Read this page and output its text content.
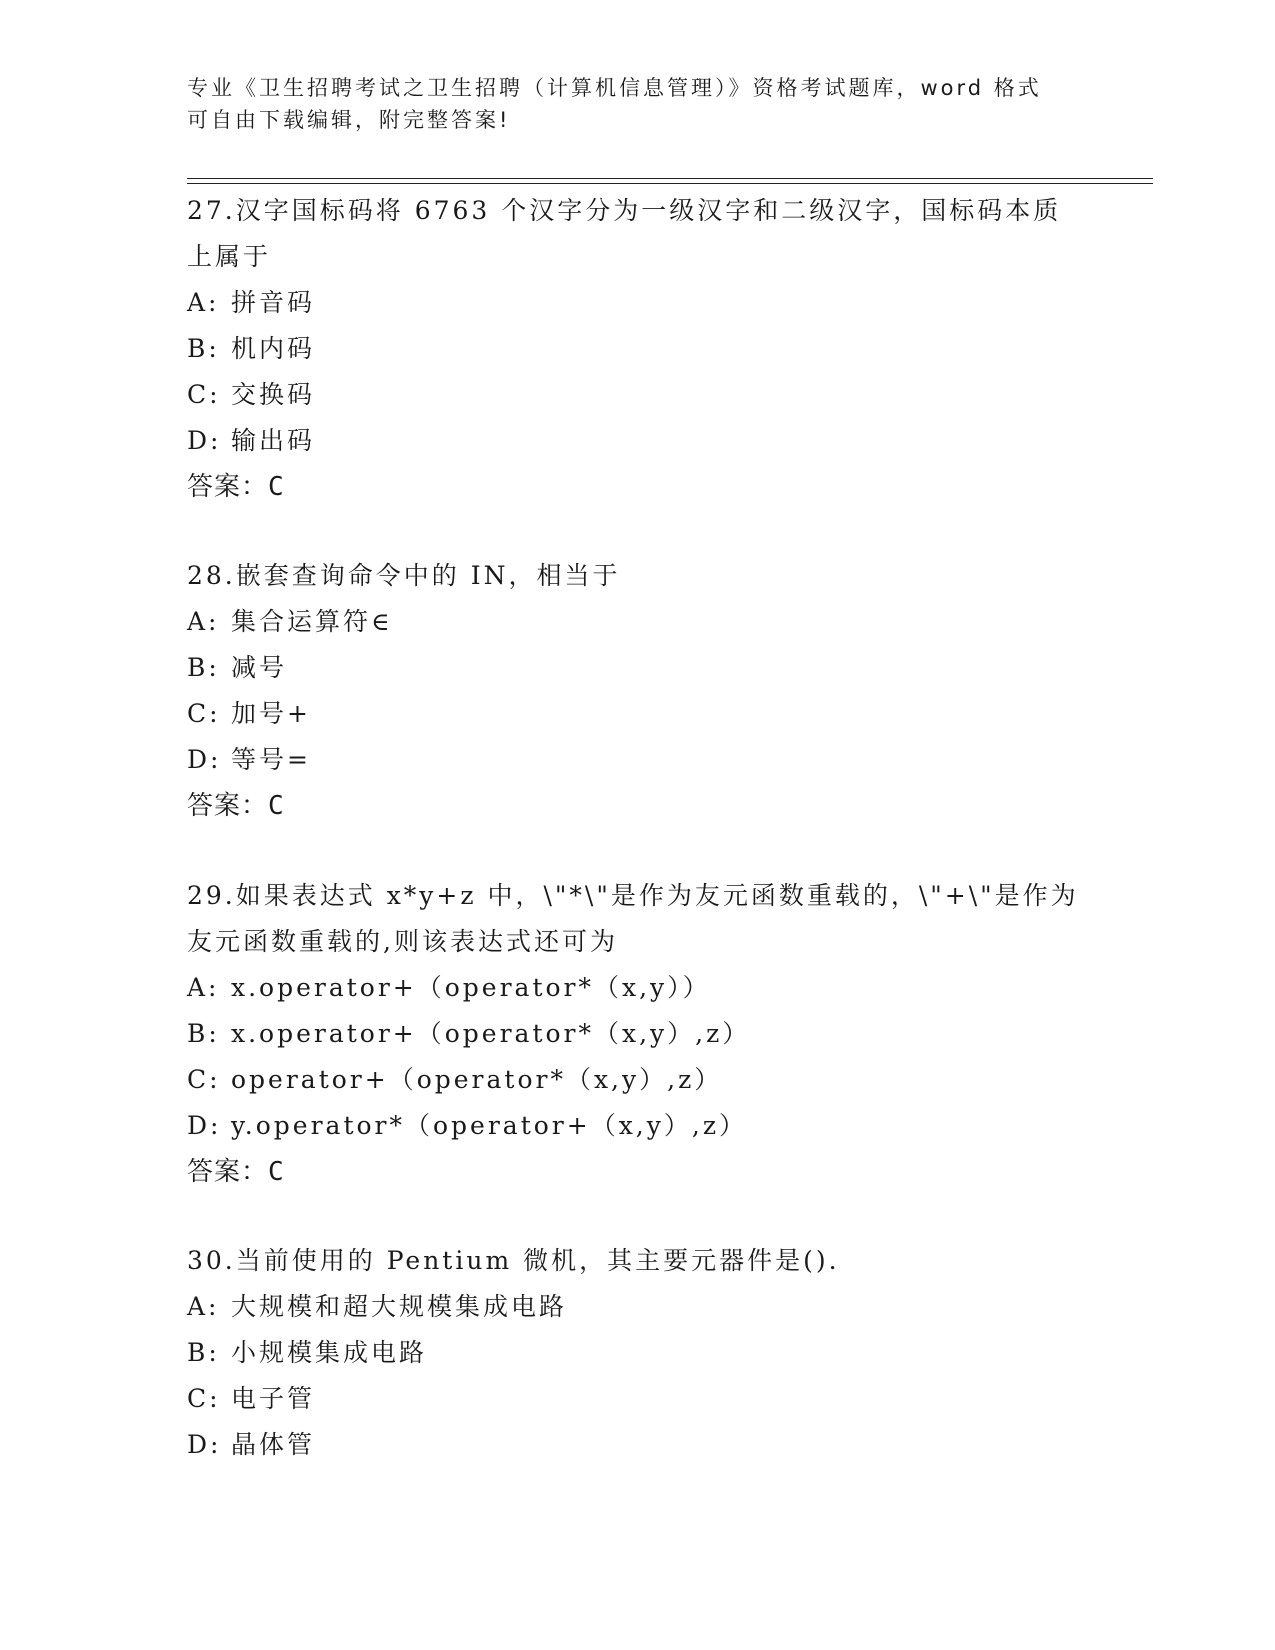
专业《卫生招聘考试之卫生招聘（计算机信息管理）》资格考试题库，word 格式
可自由下载编辑，附完整答案!
27.汉字国标码将 6763 个汉字分为一级汉字和二级汉字，国标码本质
上属于
A: 拼音码
B: 机内码
C: 交换码
D: 输出码
答案：C
28.嵌套查询命令中的 IN，相当于
A: 集合运算符∈
B: 减号
C: 加号+
D: 等号=
答案：C
29.如果表达式 x*y+z 中，\"*\"是作为友元函数重载的，\"+\"是作为
友元函数重载的,则该表达式还可为
A: x.operator+（operator*（x,y））
B: x.operator+（operator*（x,y）,z）
C: operator+（operator*（x,y）,z）
D: y.operator*（operator+（x,y）,z）
答案：C
30.当前使用的 Pentium 微机，其主要元器件是().
A: 大规模和超大规模集成电路
B: 小规模集成电路
C: 电子管
D: 晶体管
